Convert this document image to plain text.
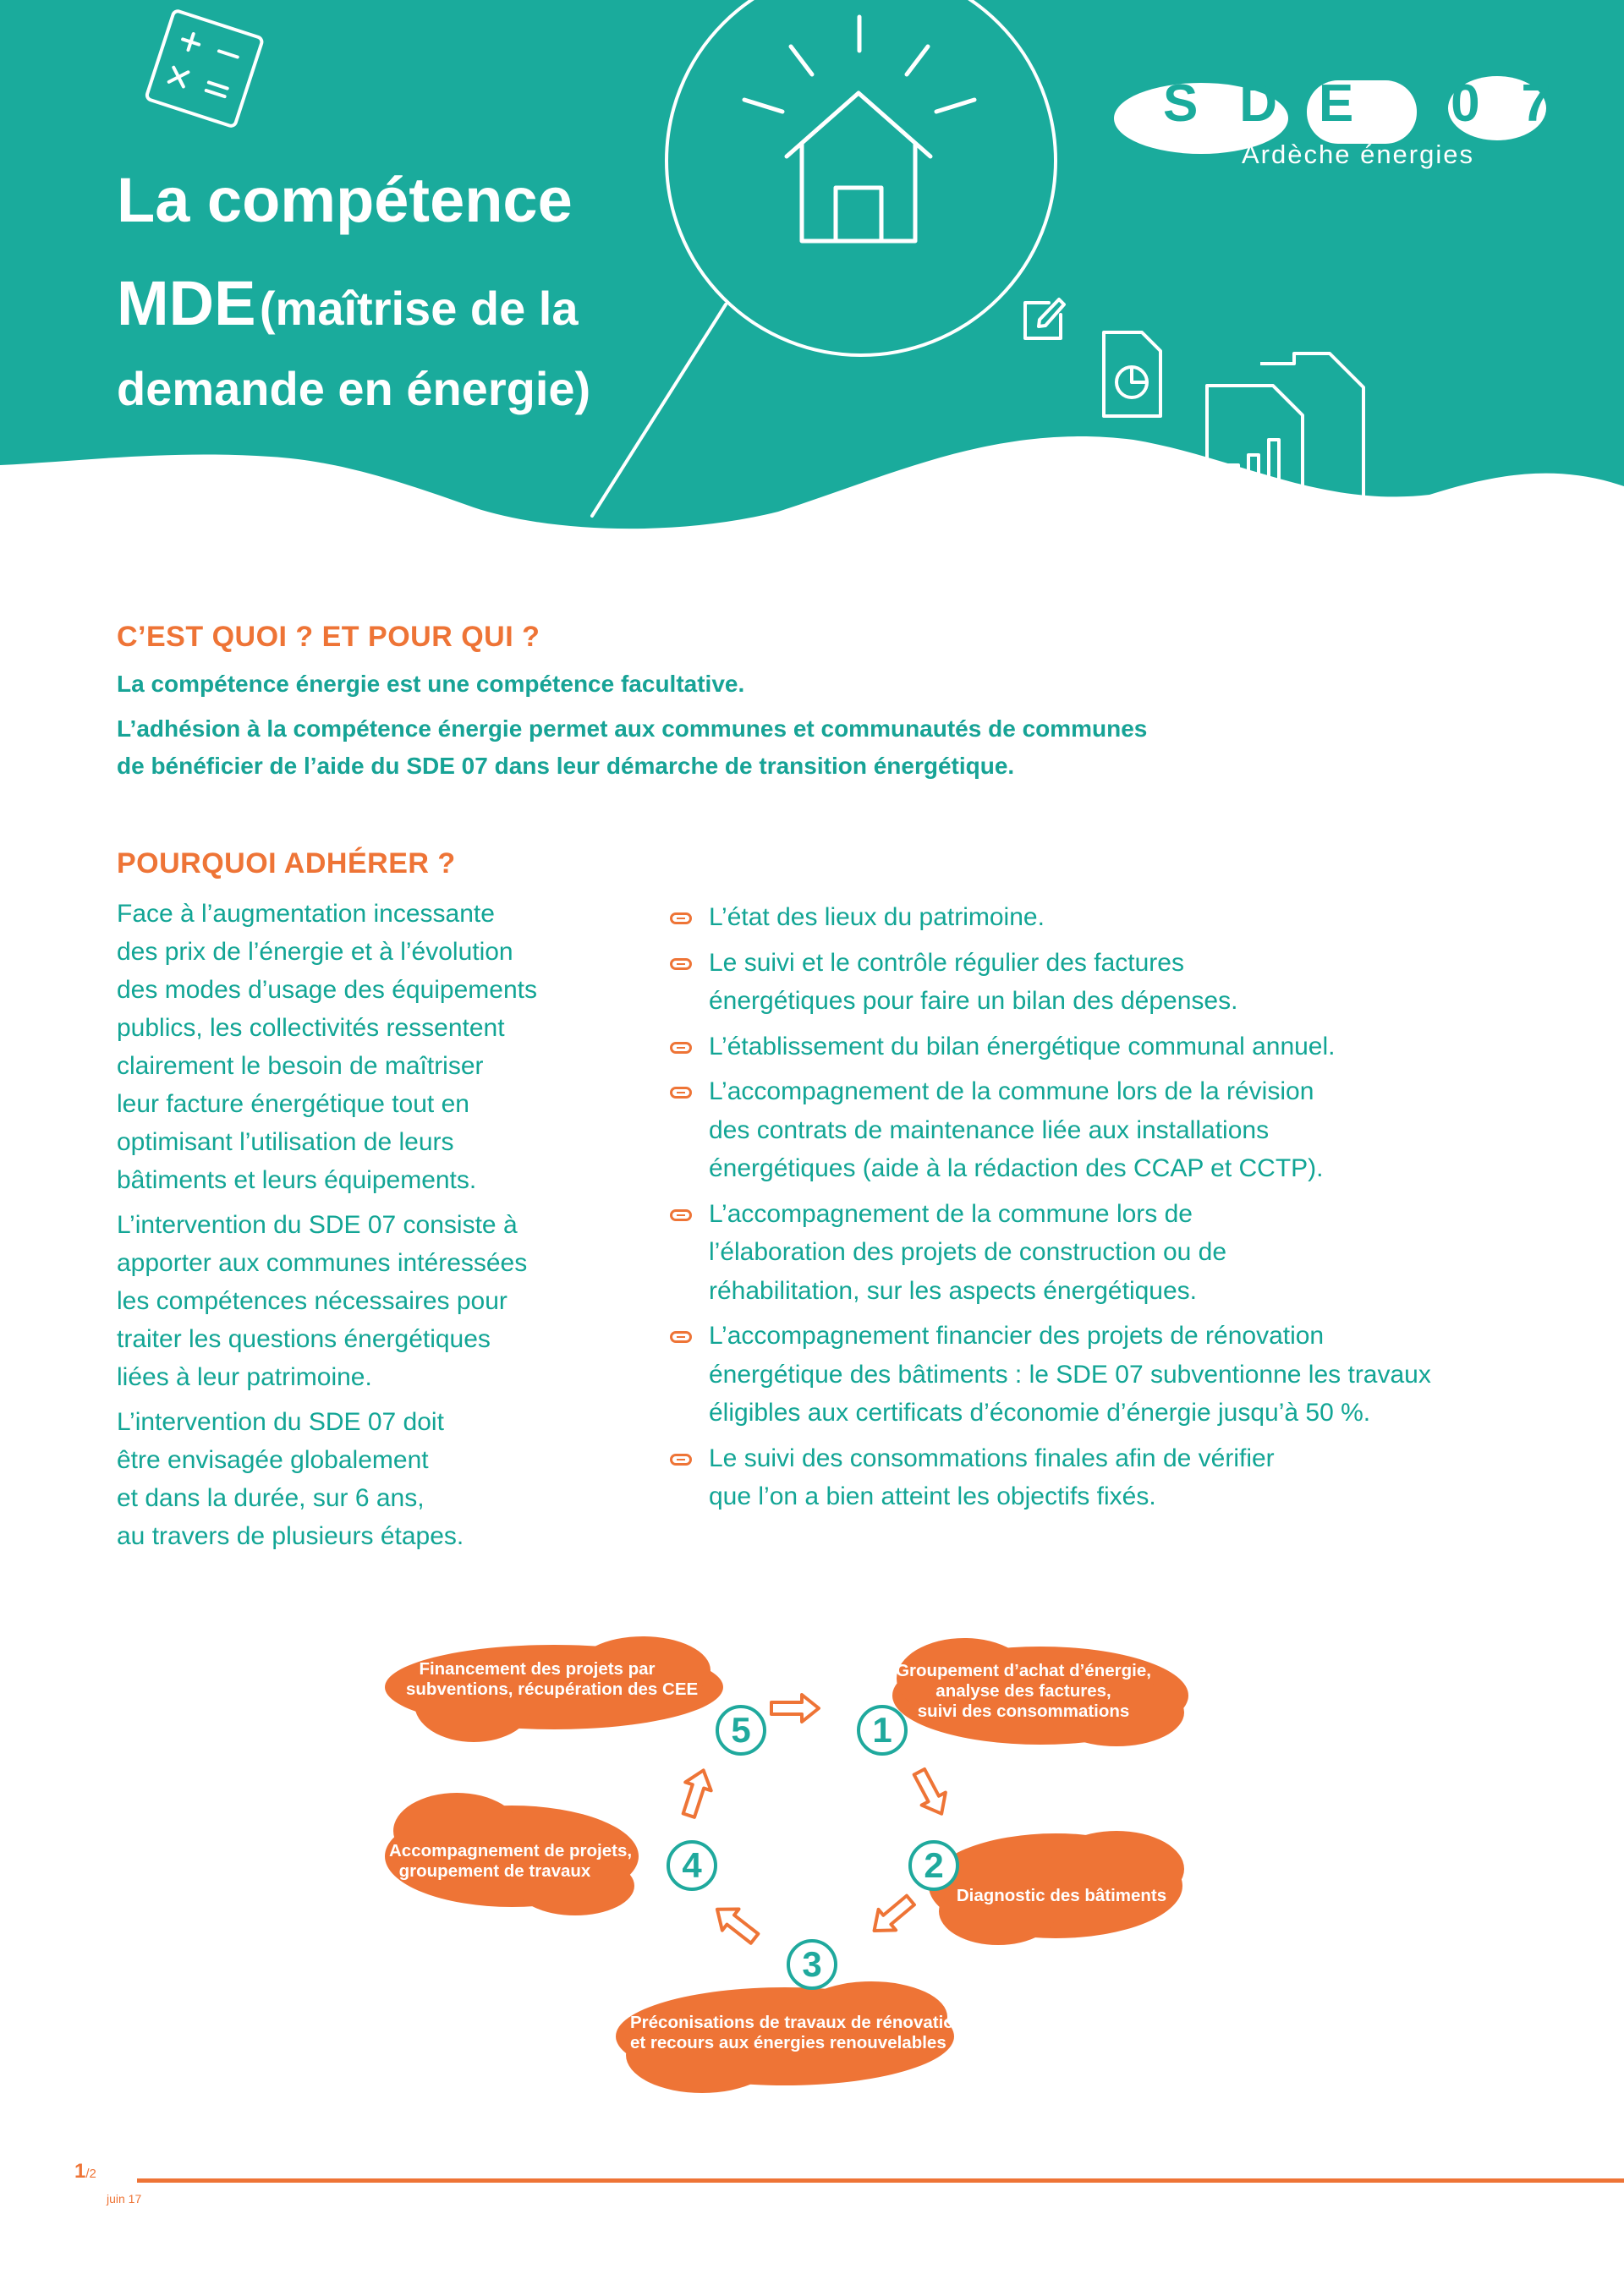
SDE 07
Ardèche énergies
La compétence
MDE (maîtrise de la
demande en énergie)
C’EST QUOI ? ET POUR QUI ?
La compétence énergie est une compétence facultative.
L’adhésion à la compétence énergie permet aux communes et communautés de communes
de bénéficier de l’aide du SDE 07 dans leur démarche de transition énergétique.
POURQUOI ADHÉRER ?

Face à l’augmentation incessante
des prix de l’énergie et à l’évolution
des modes d’usage des équipements
publics, les collectivités ressentent
clairement le besoin de maîtriser
leur facture énergétique tout en
optimisant l’utilisation de leurs
bâtiments et leurs équipements.

L’intervention du SDE 07 consiste à
apporter aux communes intéressées
les compétences nécessaires pour
traiter les questions énergétiques
liées à leur patrimoine.

L’intervention du SDE 07 doit
être envisagée globalement
et dans la durée, sur 6 ans,
au travers de plusieurs étapes.

L’état des lieux du patrimoine.
Le suivi et le contrôle régulier des factures
énergétiques pour faire un bilan des dépenses.
L’établissement du bilan énergétique communal annuel.
L’accompagnement de la commune lors de la révision
des contrats de maintenance liée aux installations
énergétiques (aide à la rédaction des CCAP et CCTP).
L’accompagnement de la commune lors de
l’élaboration des projets de construction ou de
réhabilitation, sur les aspects énergétiques.
L’accompagnement financier des projets de rénovation
énergétique des bâtiments : le SDE 07 subventionne les travaux
éligibles aux certificats d’économie d’énergie jusqu’à 50 %.
Le suivi des consommations finales afin de vérifier
que l’on a bien atteint les objectifs fixés.
Financement des projets par
subventions, récupération des CEE
Groupement d’achat d’énergie,
analyse des factures,
suivi des consommations
Accompagnement de projets,
groupement de travaux
Diagnostic des bâtiments
Préconisations de travaux de rénovation
et recours aux énergies renouvelables
5	1
4	2
3
1/2
juin 17
